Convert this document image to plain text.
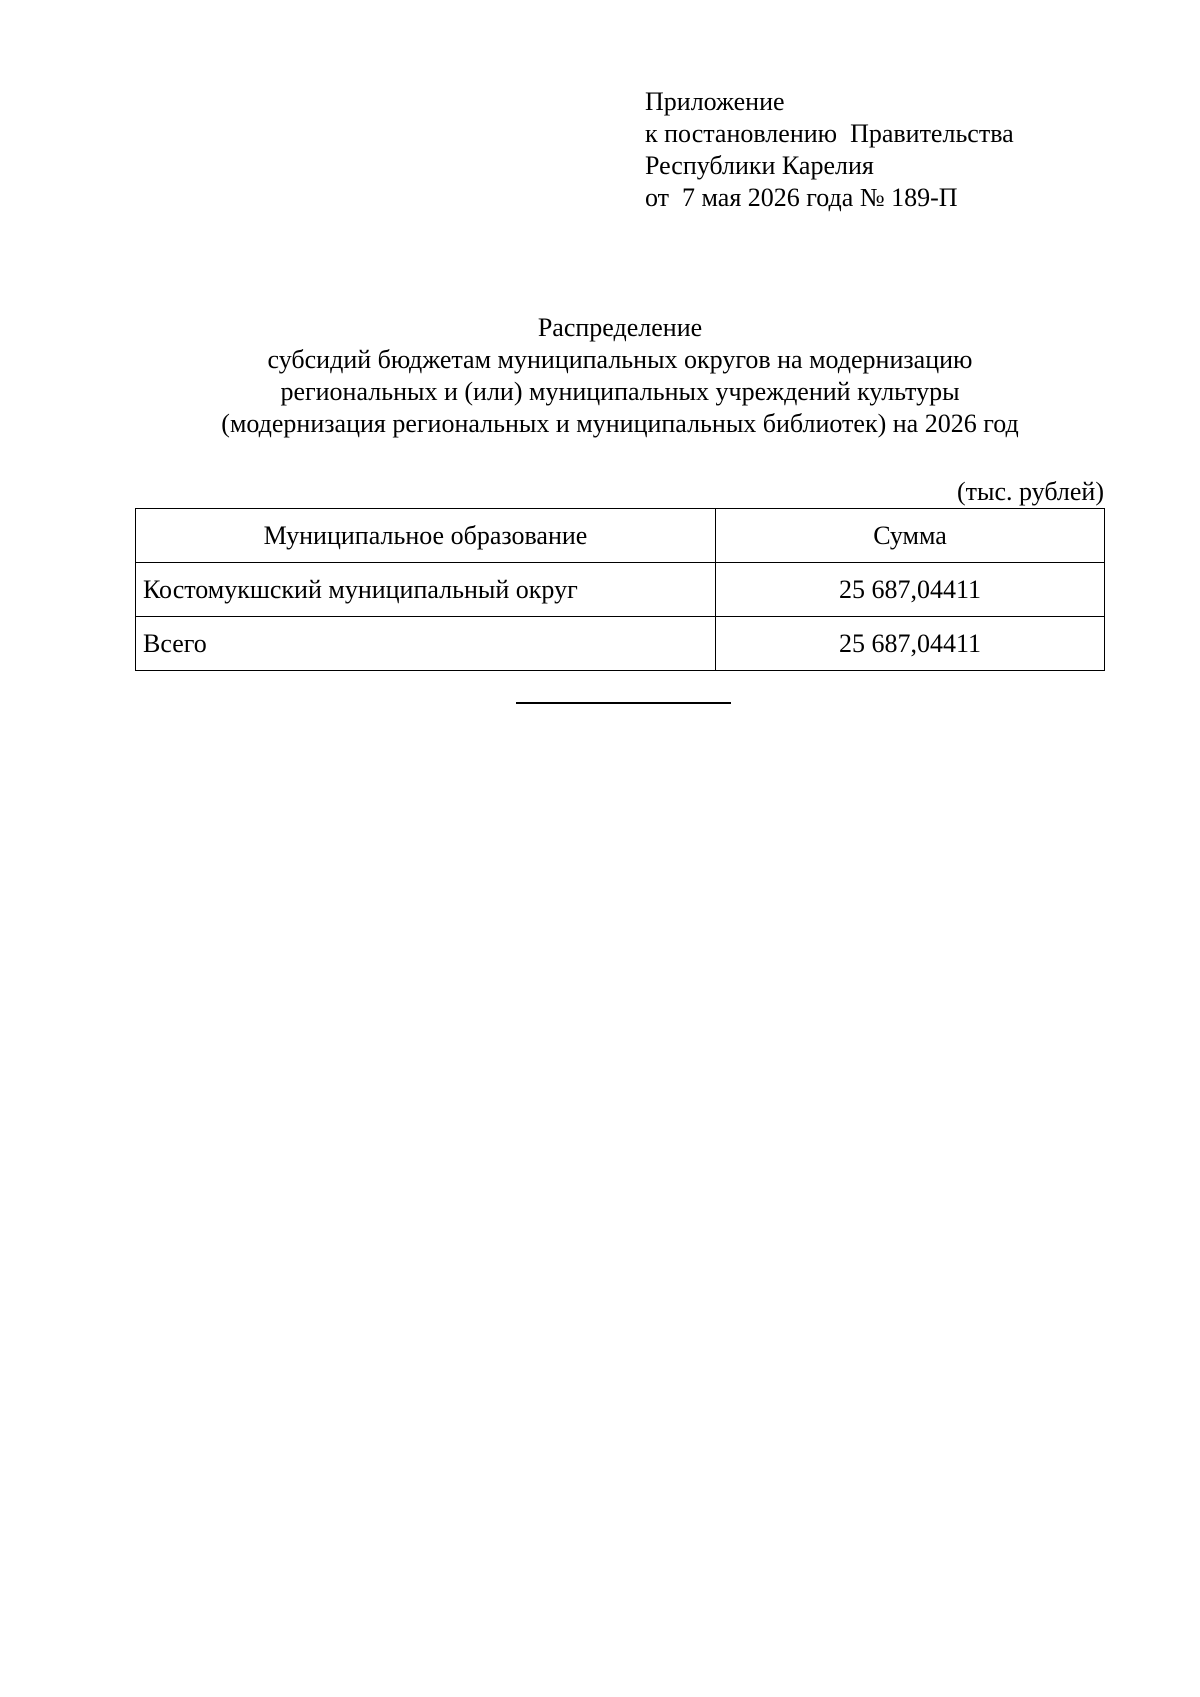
Приложение
к постановлению  Правительства
Республики Карелия
от  7 мая 2026 года № 189-П
Распределение
субсидий бюджетам муниципальных округов на модернизацию
региональных и (или) муниципальных учреждений культуры
(модернизация региональных и муниципальных библиотек) на 2026 год
(тыс. рублей)
Муниципальное образование	Сумма
Костомукшский муниципальный округ	25 687,04411
Всего	25 687,04411
